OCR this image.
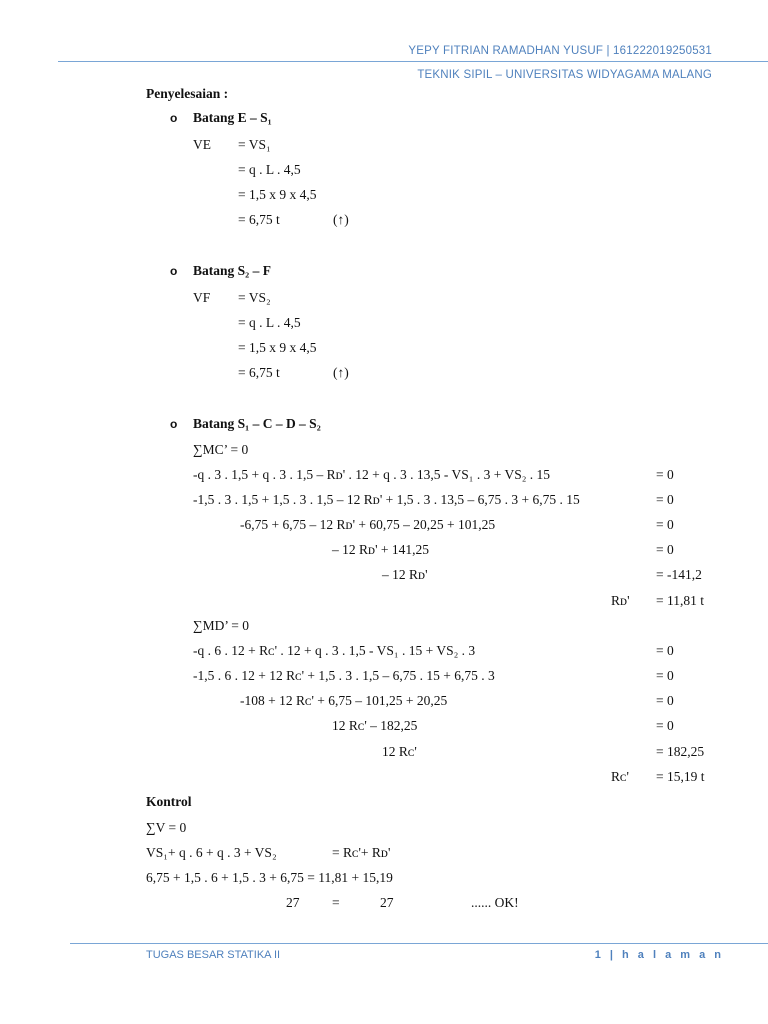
YEPY FITRIAN RAMADHAN YUSUF | 161222019250531
TEKNIK SIPIL – UNIVERSITAS WIDYAGAMA MALANG
Penyelesaian :
o Batang E – S₁
VE = VS₁
= q . L . 4,5
= 1,5 x 9 x 4,5
= 6,75 t	(↑)
o Batang S₂ – F
VF = VS₂
= q . L . 4,5
= 1,5 x 9 x 4,5
= 6,75 t	(↑)
o Batang S₁ – C – D – S₂
∑MC’ = 0
-q . 3 . 1,5 + q . 3 . 1,5 – Rᴅ' . 12 + q . 3 . 13,5 - VS₁ . 3 + VS₂ . 15	= 0
-1,5 . 3 . 1,5 + 1,5 . 3 . 1,5 – 12 Rᴅ' + 1,5 . 3 . 13,5 – 6,75 . 3 + 6,75 . 15	= 0
-6,75 + 6,75 – 12 Rᴅ' + 60,75 – 20,25 + 101,25	= 0
– 12 Rᴅ' + 141,25	= 0
– 12 Rᴅ'	= -141,2
Rᴅ' = 11,81 t
∑MD’ = 0
-q . 6 . 12 + Rᴄ' . 12 + q . 3 . 1,5 - VS₁ . 15 + VS₂ . 3	= 0
-1,5 . 6 . 12 + 12 Rᴄ' + 1,5 . 3 . 1,5 – 6,75 . 15 + 6,75 . 3	= 0
-108 + 12 Rᴄ' + 6,75 – 101,25 + 20,25	= 0
12 Rᴄ' – 182,25	= 0
12 Rᴄ'	= 182,25
Rᴄ' = 15,19 t
Kontrol
∑V = 0
VS₁+ q . 6 + q . 3 + VS₂	= Rᴄ'+ Rᴅ'
6,75 + 1,5 . 6 + 1,5 . 3 + 6,75 = 11,81 + 15,19
27 =	27	...... OK!
TUGAS BESAR STATIKA II	1 | h a l a m a n
